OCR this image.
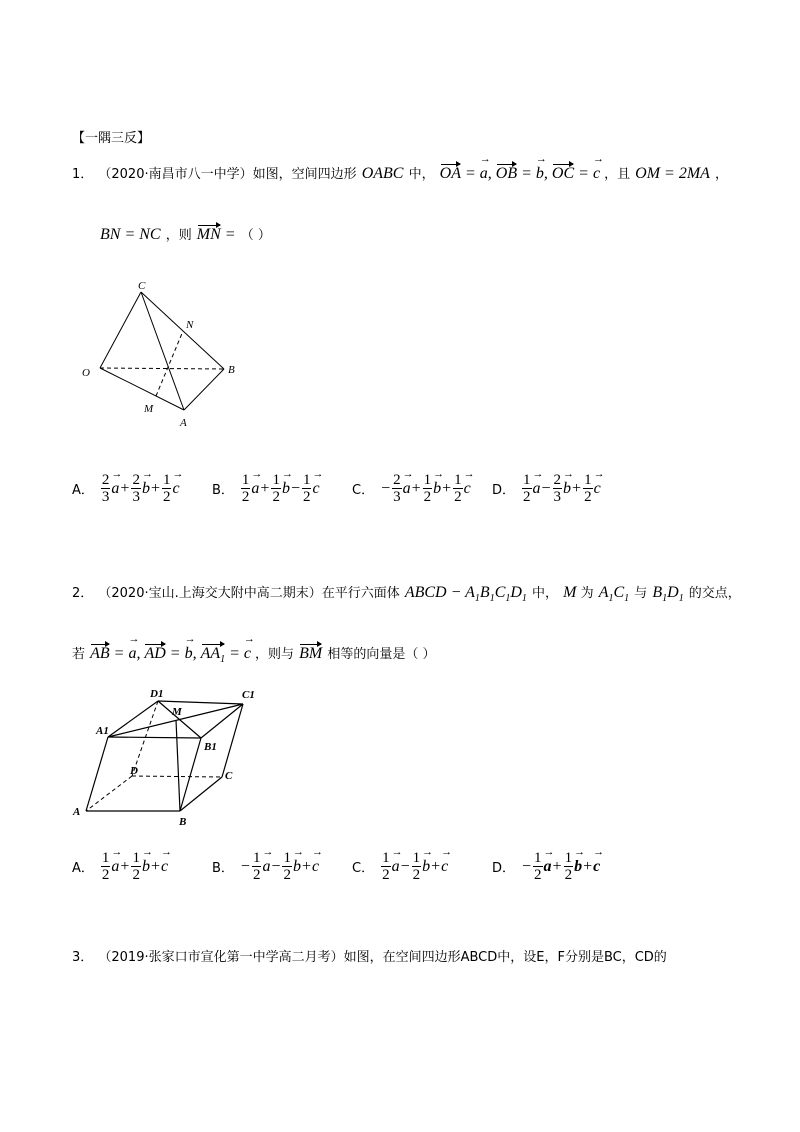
【一隅三反】
1． （2020·南昌市八一中学）如图，空间四边形 OABC 中， OA = a →, OB = b →, OC = c → ，且 OM = 2MA ，
BN = NC ，则 MN = （ ）
C
N
O	B
M
A
A． $\frac{2}{3}$ a → + $\frac{2}{3}$ b → + $\frac{1}{2}$ c → B． $\frac{1}{2}$ a → + $\frac{1}{2}$ b → − $\frac{1}{2}$ c → C． − $\frac{2}{3}$ a → + $\frac{1}{2}$ b → + $\frac{1}{2}$ c → D． $\frac{1}{2}$ a → − $\frac{2}{3}$ b → + $\frac{1}{2}$ c →
2． （2020·宝山.上海交大附中高二期末）在平行六面体 ABCD − $A_1B_1C_1D_1$ 中， M 为 $A_1C_1$ 与 $B_1D_1$ 的交点，
若 AB = a →, AD = b →, $AA_1 = c$ → ，则与 BM 相等的向量是（ ）
D1	C1
M
A1
B1
D	C
A
B
A． $\frac{1}{2}$ a → + $\frac{1}{2}$ b → + c →	B． − $\frac{1}{2}$ a → − $\frac{1}{2}$ b → + c →	C． $\frac{1}{2}$ a → − $\frac{1}{2}$ b → + c →	D． − $\frac{1}{2}$ a → + $\frac{1}{2}$ b → + c →
3． （2019·张家口市宣化第一中学高二月考）如图，在空间四边形ABCD中，设E，F分别是BC，CD的
